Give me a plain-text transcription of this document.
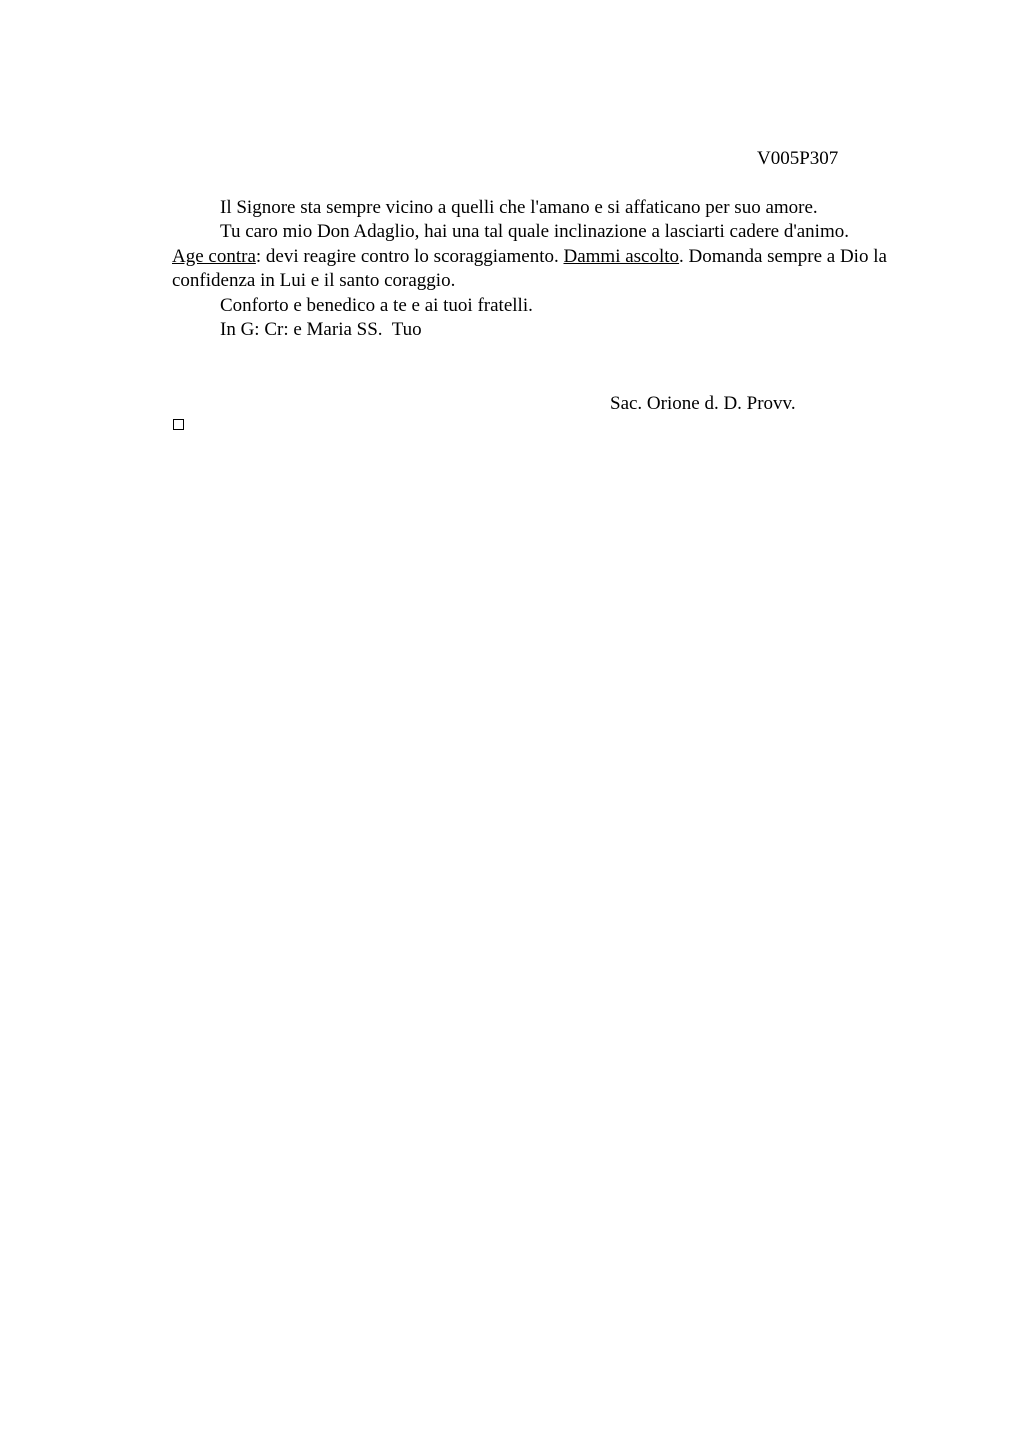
V005P307

Il Signore sta sempre vicino a quelli che l'amano e si affaticano per suo amore.

Tu caro mio Don Adaglio, hai una tal quale inclinazione a lasciarti cadere d'animo.

Age contra: devi reagire contro lo scoraggiamento. Dammi ascolto. Domanda sempre a Dio la confidenza in Lui e il santo coraggio.

Conforto e benedico a te e ai tuoi fratelli.

In G: Cr: e Maria SS.  Tuo

Sac. Orione d. D. Provv.
